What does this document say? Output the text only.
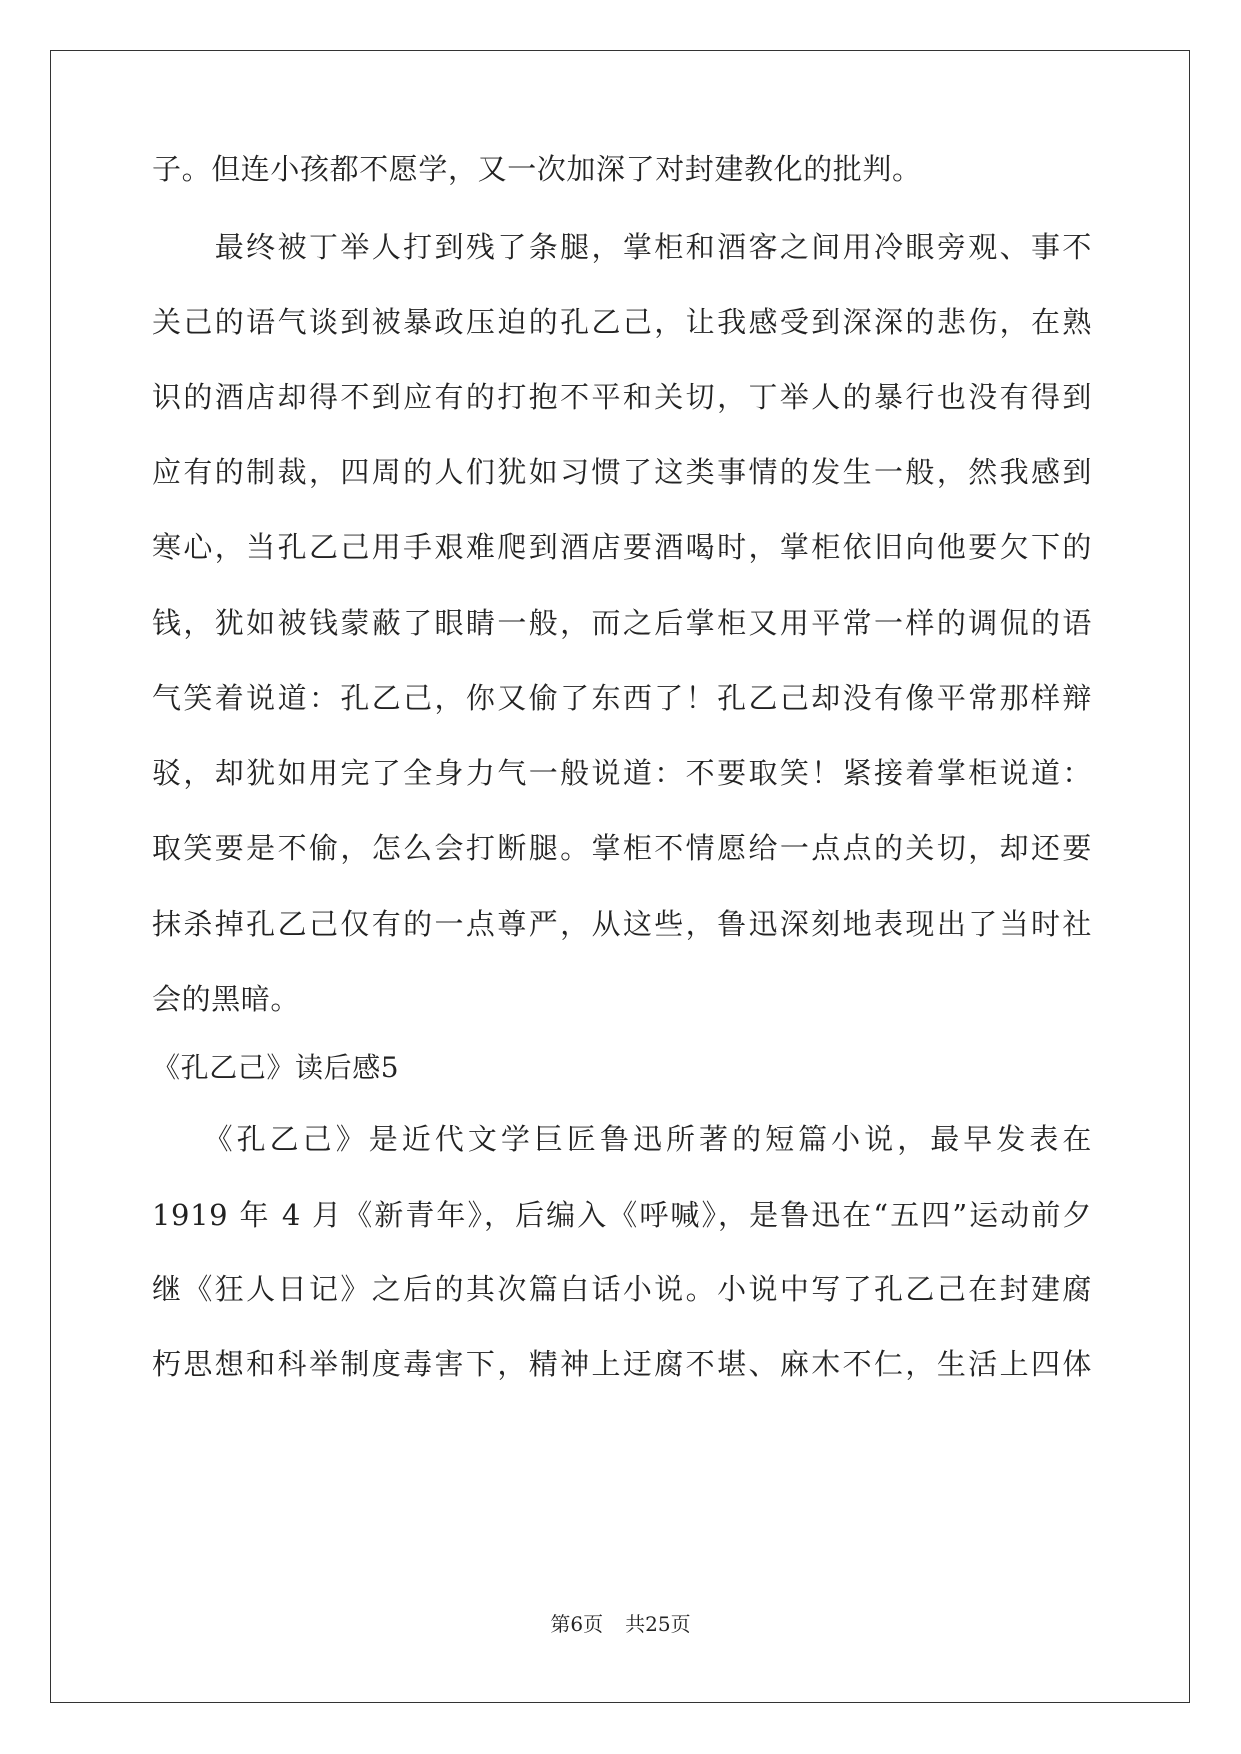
子。但连小孩都不愿学，又一次加深了对封建教化的批判。
　　最终被丁举人打到残了条腿，掌柜和酒客之间用冷眼旁观、事不
关己的语气谈到被暴政压迫的孔乙己，让我感受到深深的悲伤，在熟
识的酒店却得不到应有的打抱不平和关切，丁举人的暴行也没有得到
应有的制裁，四周的人们犹如习惯了这类事情的发生一般，然我感到
寒心，当孔乙己用手艰难爬到酒店要酒喝时，掌柜依旧向他要欠下的
钱，犹如被钱蒙蔽了眼睛一般，而之后掌柜又用平常一样的调侃的语
气笑着说道：孔乙己，你又偷了东西了！孔乙己却没有像平常那样辩
驳，却犹如用完了全身力气一般说道：不要取笑！紧接着掌柜说道：
取笑要是不偷，怎么会打断腿。掌柜不情愿给一点点的关切，却还要
抹杀掉孔乙己仅有的一点尊严，从这些，鲁迅深刻地表现出了当时社
会的黑暗。
《孔乙己》读后感5
　　《孔乙己》是近代文学巨匠鲁迅所著的短篇小说，最早发表在
1919 年 4 月《新青年》，后编入《呼喊》，是鲁迅在“五四”运动前夕
继《狂人日记》之后的其次篇白话小说。小说中写了孔乙己在封建腐
朽思想和科举制度毒害下，精神上迂腐不堪、麻木不仁，生活上四体
第6页 共25页
